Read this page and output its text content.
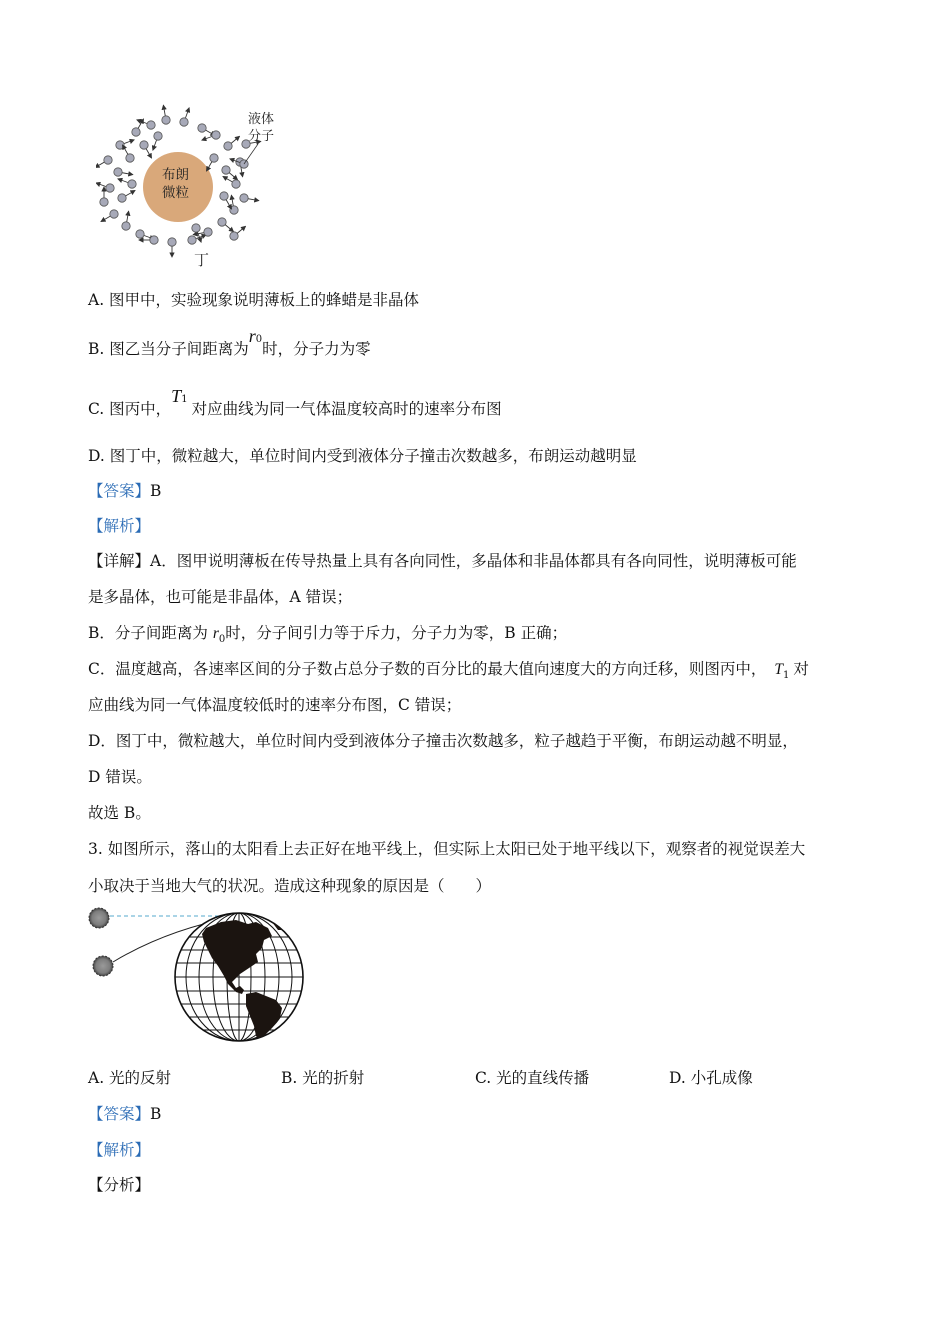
液体
分子
布朗
微粒
丁
A. 图甲中，实验现象说明薄板上的蜂蜡是非晶体
B. 图乙当分子间距离为r0时，分子力为零
C. 图丙中，T1对应曲线为同一气体温度较高时的速率分布图
D. 图丁中，微粒越大，单位时间内受到液体分子撞击次数越多，布朗运动越明显
【答案】B
【解析】
【详解】A．图甲说明薄板在传导热量上具有各向同性，多晶体和非晶体都具有各向同性，说明薄板可能
是多晶体，也可能是非晶体，A 错误；
B．分子间距离为 $r_0$时，分子间引力等于斥力，分子力为零，B 正确；
C．温度越高，各速率区间的分子数占总分子数的百分比的最大值向速度大的方向迁移，则图丙中， $T_1$ 对
应曲线为同一气体温度较低时的速率分布图，C 错误；
D．图丁中，微粒越大，单位时间内受到液体分子撞击次数越多，粒子越趋于平衡，布朗运动越不明显，
D 错误。
故选 B。
3. 如图所示，落山的太阳看上去正好在地平线上，但实际上太阳已处于地平线以下，观察者的视觉误差大
小取决于当地大气的状况。造成这种现象的原因是（　　）
A. 光的反射	B. 光的折射	C. 光的直线传播	D. 小孔成像
【答案】B
【解析】
【分析】
